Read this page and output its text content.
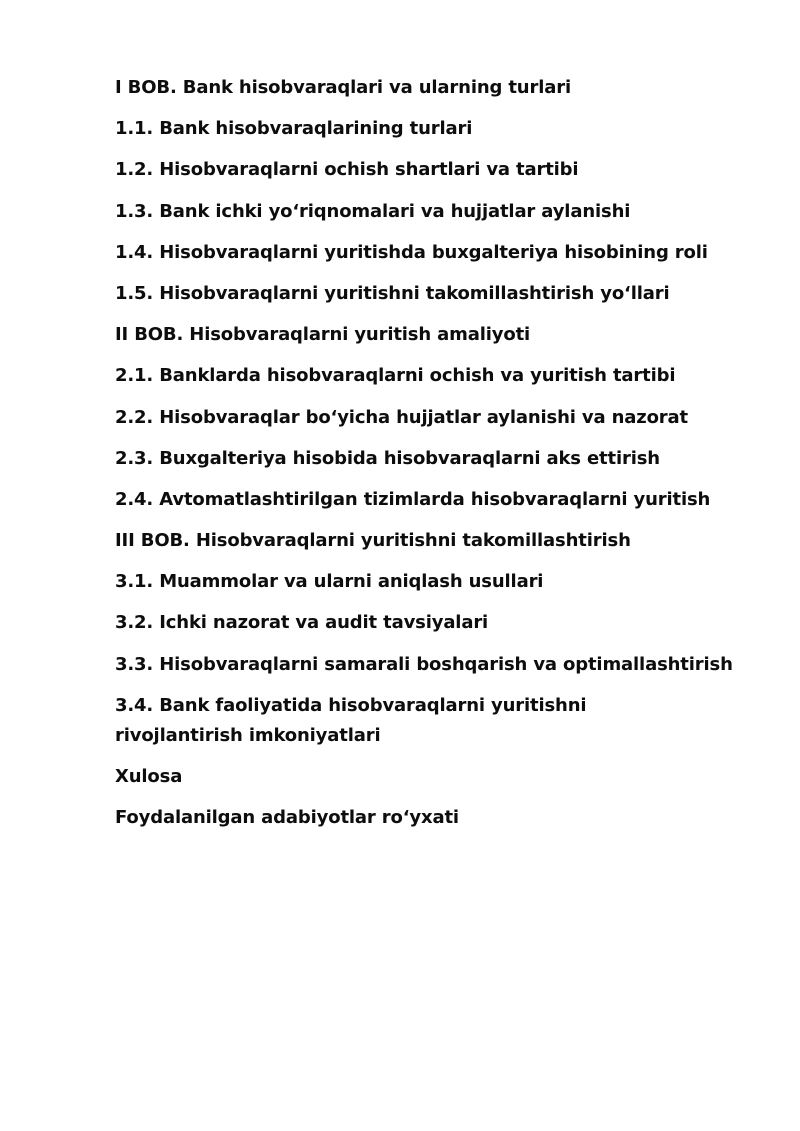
I BOB. Bank hisobvaraqlari va ularning turlari
1.1. Bank hisobvaraqlarining turlari
1.2. Hisobvaraqlarni ochish shartlari va tartibi
1.3. Bank ichki yo‘riqnomalari va hujjatlar aylanishi
1.4. Hisobvaraqlarni yuritishda buxgalteriya hisobining roli
1.5. Hisobvaraqlarni yuritishni takomillashtirish yo‘llari
II BOB. Hisobvaraqlarni yuritish amaliyoti
2.1. Banklarda hisobvaraqlarni ochish va yuritish tartibi
2.2. Hisobvaraqlar bo‘yicha hujjatlar aylanishi va nazorat
2.3. Buxgalteriya hisobida hisobvaraqlarni aks ettirish
2.4. Avtomatlashtirilgan tizimlarda hisobvaraqlarni yuritish
III BOB. Hisobvaraqlarni yuritishni takomillashtirish
3.1. Muammolar va ularni aniqlash usullari
3.2. Ichki nazorat va audit tavsiyalari
3.3. Hisobvaraqlarni samarali boshqarish va optimallashtirish
3.4. Bank faoliyatida hisobvaraqlarni yuritishni rivojlantirish imkoniyatlari
Xulosa
Foydalanilgan adabiyotlar ro‘yxati
